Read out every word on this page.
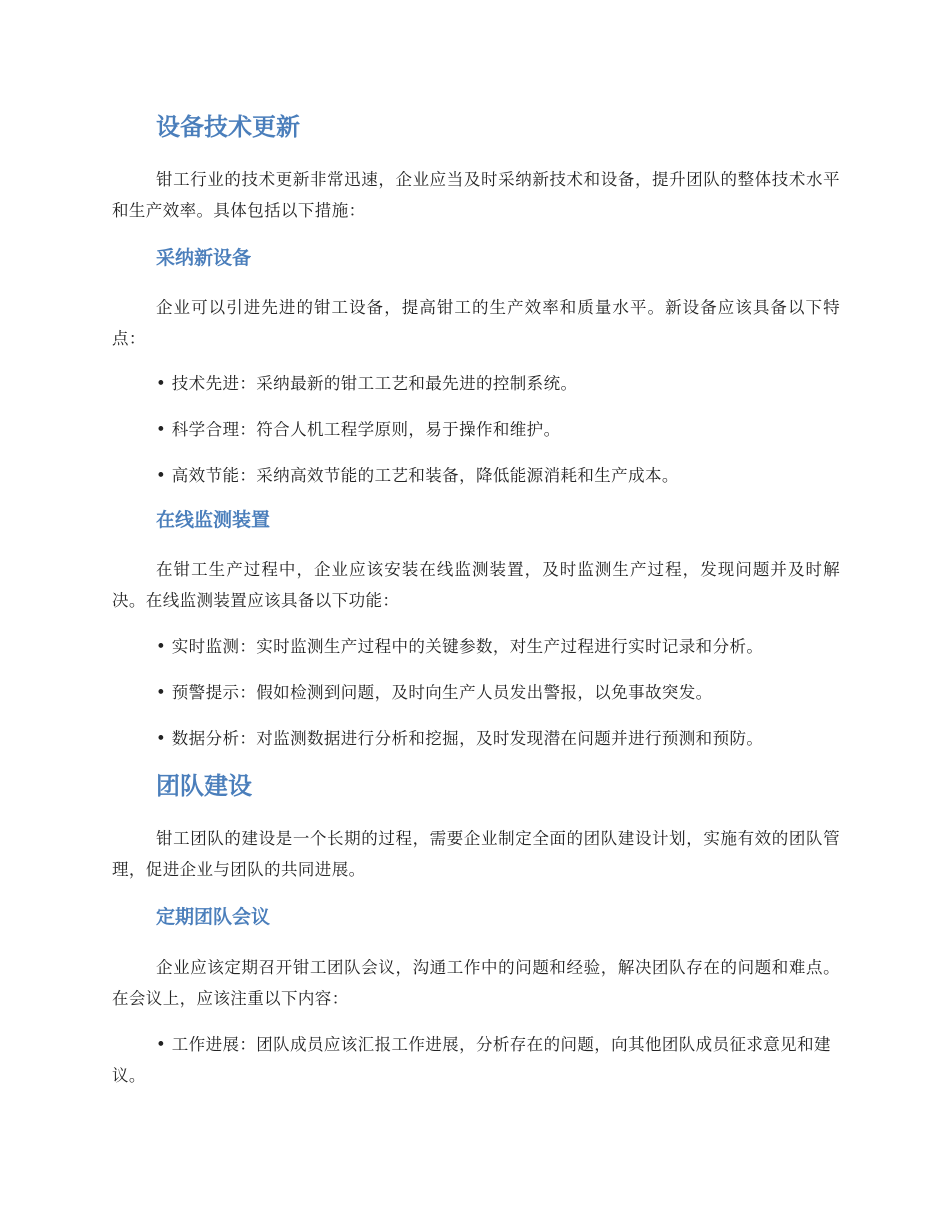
设备技术更新
钳工行业的技术更新非常迅速，企业应当及时采纳新技术和设备，提升团队的整体技术水平和生产效率。具体包括以下措施：
采纳新设备
企业可以引进先进的钳工设备，提高钳工的生产效率和质量水平。新设备应该具备以下特点：
• 技术先进：采纳最新的钳工工艺和最先进的控制系统。
• 科学合理：符合人机工程学原则，易于操作和维护。
• 高效节能：采纳高效节能的工艺和装备，降低能源消耗和生产成本。
在线监测装置
在钳工生产过程中，企业应该安装在线监测装置，及时监测生产过程，发现问题并及时解决。在线监测装置应该具备以下功能：
• 实时监测：实时监测生产过程中的关键参数，对生产过程进行实时记录和分析。
• 预警提示：假如检测到问题，及时向生产人员发出警报，以免事故突发。
• 数据分析：对监测数据进行分析和挖掘，及时发现潜在问题并进行预测和预防。
团队建设
钳工团队的建设是一个长期的过程，需要企业制定全面的团队建设计划，实施有效的团队管理，促进企业与团队的共同进展。
定期团队会议
企业应该定期召开钳工团队会议，沟通工作中的问题和经验，解决团队存在的问题和难点。在会议上，应该注重以下内容：
• 工作进展：团队成员应该汇报工作进展，分析存在的问题，向其他团队成员征求意见和建议。
